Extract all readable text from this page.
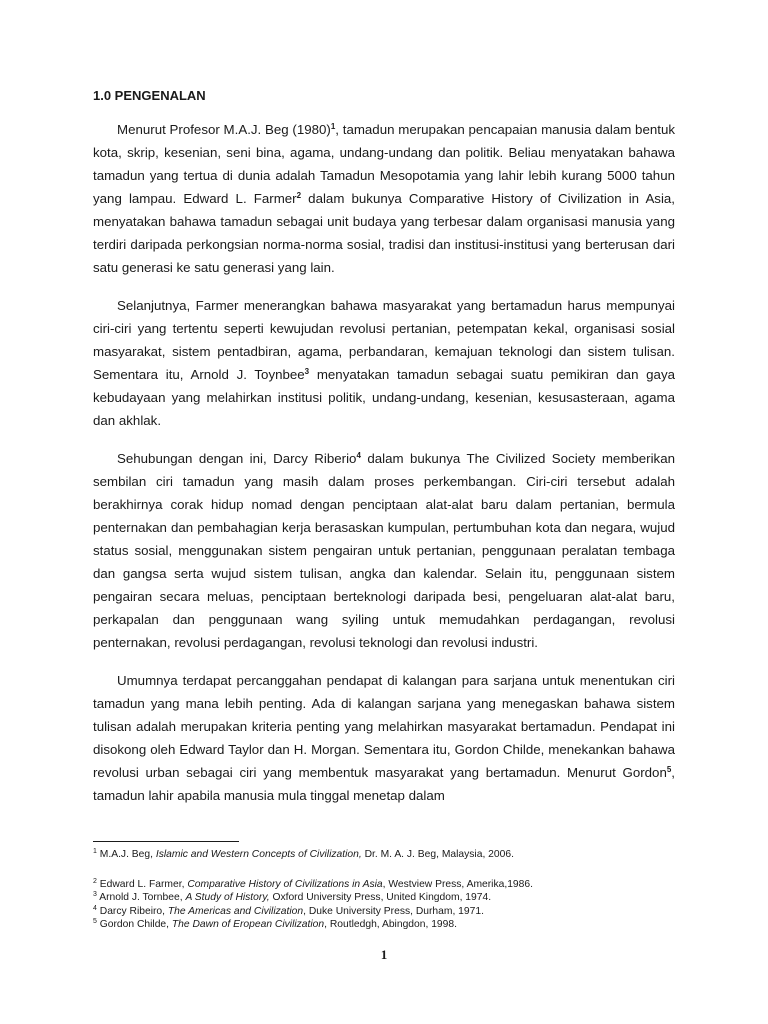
1.0 PENGENALAN

Menurut Profesor M.A.J. Beg $(1980)^1$, tamadun merupakan pencapaian manusia dalam bentuk kota, skrip, kesenian, seni bina, agama, undang-undang dan politik. Beliau menyatakan bahawa tamadun yang tertua di dunia adalah Tamadun Mesopotamia yang lahir lebih kurang 5000 tahun yang lampau. Edward L. Farmer$^2$ dalam bukunya Comparative History of Civilization in Asia, menyatakan bahawa tamadun sebagai unit budaya yang terbesar dalam organisasi manusia yang terdiri daripada perkongsian norma-norma sosial, tradisi dan institusi-institusi yang berterusan dari satu generasi ke satu generasi yang lain.

Selanjutnya, Farmer menerangkan bahawa masyarakat yang bertamadun harus mempunyai ciri-ciri yang tertentu seperti kewujudan revolusi pertanian, petempatan kekal, organisasi sosial masyarakat, sistem pentadbiran, agama, perbandaran, kemajuan teknologi dan sistem tulisan. Sementara itu, Arnold J. Toynbee$^3$ menyatakan tamadun sebagai suatu pemikiran dan gaya kebudayaan yang melahirkan institusi politik, undang-undang, kesenian, kesusasteraan, agama dan akhlak.

Sehubungan dengan ini, Darcy Riberio$^4$ dalam bukunya The Civilized Society memberikan sembilan ciri tamadun yang masih dalam proses perkembangan. Ciri-ciri tersebut adalah berakhirnya corak hidup nomad dengan penciptaan alat-alat baru dalam pertanian, bermula penternakan dan pembahagian kerja berasaskan kumpulan, pertumbuhan kota dan negara, wujud status sosial, menggunakan sistem pengairan untuk pertanian, penggunaan peralatan tembaga dan gangsa serta wujud sistem tulisan, angka dan kalendar. Selain itu, penggunaan sistem pengairan secara meluas, penciptaan berteknologi daripada besi, pengeluaran alat-alat baru, perkapalan dan penggunaan wang syiling untuk memudahkan perdagangan, revolusi penternakan, revolusi perdagangan, revolusi teknologi dan revolusi industri.

Umumnya terdapat percanggahan pendapat di kalangan para sarjana untuk menentukan ciri tamadun yang mana lebih penting. Ada di kalangan sarjana yang menegaskan bahawa sistem tulisan adalah merupakan kriteria penting yang melahirkan masyarakat bertamadun. Pendapat ini disokong oleh Edward Taylor dan H. Morgan. Sementara itu, Gordon Childe, menekankan bahawa revolusi urban sebagai ciri yang membentuk masyarakat yang bertamadun. Menurut Gordon$^5$, tamadun lahir apabila manusia mula tinggal menetap dalam

$^1$ M.A.J. Beg, Islamic and Western Concepts of Civilization, Dr. M. A. J. Beg, Malaysia, 2006.

$^2$ Edward L. Farmer, Comparative History of Civilizations in Asia, Westview Press, Amerika,1986.

$^3$ Arnold J. Tornbee, A Study of History, Oxford University Press, United Kingdom, 1974.

$^4$ Darcy Ribeiro, The Americas and Civilization, Duke University Press, Durham, 1971.

$^5$ Gordon Childe, The Dawn of Eropean Civilization, Routledgh, Abingdon, 1998.

1
